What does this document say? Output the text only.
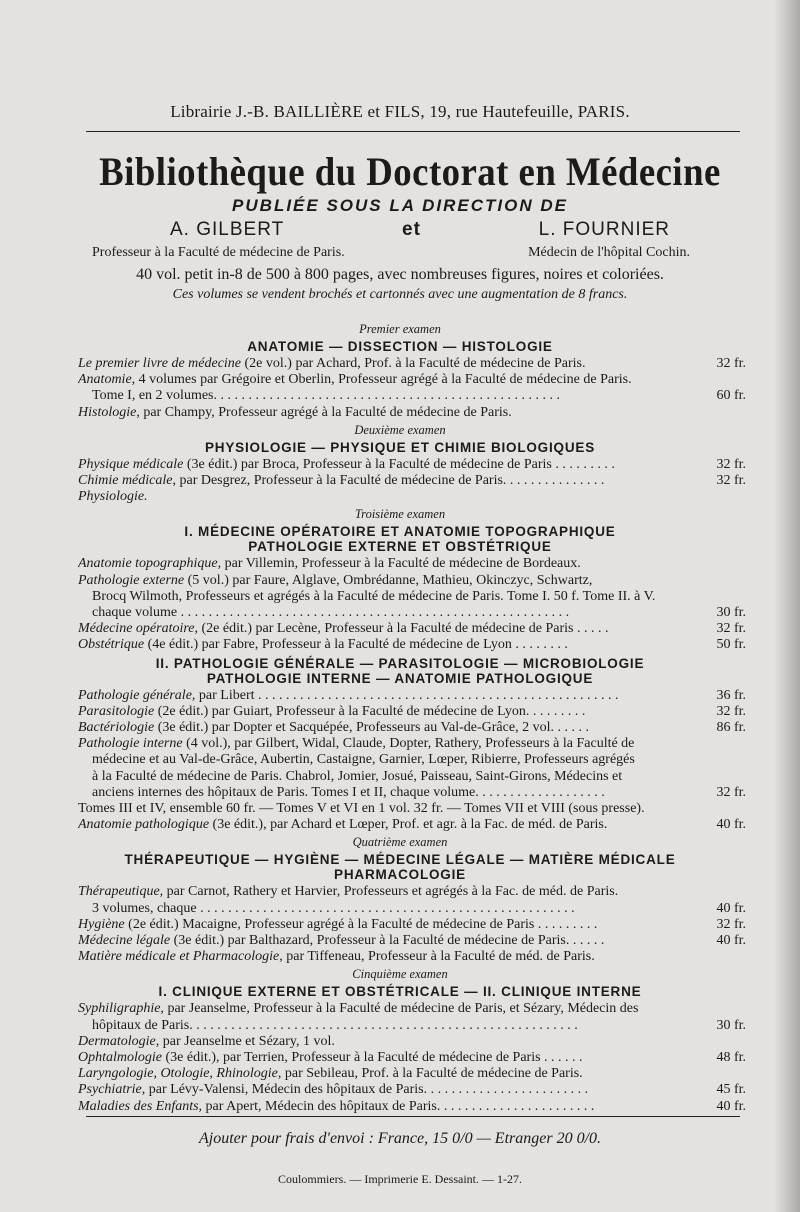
Librairie J.-B. BAILLIÈRE et FILS, 19, rue Hautefeuille, PARIS.
Bibliothèque du Doctorat en Médecine
PUBLIÉE SOUS LA DIRECTION DE
A. GILBERT	et	L. FOURNIER
Professeur à la Faculté de médecine de Paris.	Médecin de l'hôpital Cochin.
40 vol. petit in-8 de 500 à 800 pages, avec nombreuses figures, noires et coloriées.
Ces volumes se vendent brochés et cartonnés avec une augmentation de 8 francs.
Premier examen
ANATOMIE — DISSECTION — HISTOLOGIE
Le premier livre de médecine (2e vol.) par Achard, Prof. à la Faculté de médecine de Paris.	32 fr.
Anatomie, 4 volumes par Grégoire et Oberlin, Professeur agrégé à la Faculté de médecine de Paris.
Tome I, en 2 volumes. . . . . . . . . . . . . . . . . . . . . . . . . . . . . . . . . . . . . . . . . . . . . . . . . .	60 fr.
Histologie, par Champy, Professeur agrégé à la Faculté de médecine de Paris.
Deuxième examen
PHYSIOLOGIE — PHYSIQUE ET CHIMIE BIOLOGIQUES
Physique médicale (3e édit.) par Broca, Professeur à la Faculté de médecine de Paris . . . . . . . . .	32 fr.
Chimie médicale, par Desgrez, Professeur à la Faculté de médecine de Paris. . . . . . . . . . . . . . .	32 fr.
Physiologie.
Troisième examen
I. MÉDECINE OPÉRATOIRE ET ANATOMIE TOPOGRAPHIQUE
PATHOLOGIE EXTERNE ET OBSTÉTRIQUE
Anatomie topographique, par Villemin, Professeur à la Faculté de médecine de Bordeaux.
Pathologie externe (5 vol.) par Faure, Alglave, Ombrédanne, Mathieu, Okinczyc, Schwartz,
Brocq Wilmoth, Professeurs et agrégés à la Faculté de médecine de Paris. Tome I. 50 f. Tome II. à V.
chaque volume . . . . . . . . . . . . . . . . . . . . . . . . . . . . . . . . . . . . . . . . . . . . . . . . . . . . . . . .	30 fr.
Médecine opératoire, (2e édit.) par Lecène, Professeur à la Faculté de médecine de Paris . . . . .	32 fr.
Obstétrique (4e édit.) par Fabre, Professeur à la Faculté de médecine de Lyon . . . . . . . .	50 fr.
II. PATHOLOGIE GÉNÉRALE — PARASITOLOGIE — MICROBIOLOGIE
PATHOLOGIE INTERNE — ANATOMIE PATHOLOGIQUE
Pathologie générale, par Libert . . . . . . . . . . . . . . . . . . . . . . . . . . . . . . . . . . . . . . . . . . . . . . . . . . . .	36 fr.
Parasitologie (2e édit.) par Guiart, Professeur à la Faculté de médecine de Lyon. . . . . . . . .	32 fr.
Bactériologie (3e édit.) par Dopter et Sacquépée, Professeurs au Val-de-Grâce, 2 vol. . . . . .	86 fr.
Pathologie interne (4 vol.), par Gilbert, Widal, Claude, Dopter, Rathery, Professeurs à la Faculté de
médecine et au Val-de-Grâce, Aubertin, Castaigne, Garnier, Lœper, Ribierre, Professeurs agrégés
à la Faculté de médecine de Paris. Chabrol, Jomier, Josué, Paisseau, Saint-Girons, Médecins et
anciens internes des hôpitaux de Paris. Tomes I et II, chaque volume. . . . . . . . . . . . . . . . . . .	32 fr.
Tomes III et IV, ensemble 60 fr. — Tomes V et VI en 1 vol. 32 fr. — Tomes VII et VIII (sous presse).
Anatomie pathologique (3e édit.), par Achard et Lœper, Prof. et agr. à la Fac. de méd. de Paris.	40 fr.
Quatrième examen
THÉRAPEUTIQUE — HYGIÈNE — MÉDECINE LÉGALE — MATIÈRE MÉDICALE
PHARMACOLOGIE
Thérapeutique, par Carnot, Rathery et Harvier, Professeurs et agrégés à la Fac. de méd. de Paris.
3 volumes, chaque . . . . . . . . . . . . . . . . . . . . . . . . . . . . . . . . . . . . . . . . . . . . . . . . . . . . . .	40 fr.
Hygiène (2e édit.) Macaigne, Professeur agrégé à la Faculté de médecine de Paris . . . . . . . . .	32 fr.
Médecine légale (3e édit.) par Balthazard, Professeur à la Faculté de médecine de Paris. . . . . .	40 fr.
Matière médicale et Pharmacologie, par Tiffeneau, Professeur à la Faculté de méd. de Paris.
Cinquième examen
I. CLINIQUE EXTERNE ET OBSTÉTRICALE — II. CLINIQUE INTERNE
Syphiligraphie, par Jeanselme, Professeur à la Faculté de médecine de Paris, et Sézary, Médecin des
hôpitaux de Paris. . . . . . . . . . . . . . . . . . . . . . . . . . . . . . . . . . . . . . . . . . . . . . . . . . . . . . . .	30 fr.
Dermatologie, par Jeanselme et Sézary, 1 vol.
Ophtalmologie (3e édit.), par Terrien, Professeur à la Faculté de médecine de Paris . . . . . .	48 fr.
Laryngologie, Otologie, Rhinologie, par Sebileau, Prof. à la Faculté de médecine de Paris.
Psychiatrie, par Lévy-Valensi, Médecin des hôpitaux de Paris. . . . . . . . . . . . . . . . . . . . . . . .	45 fr.
Maladies des Enfants, par Apert, Médecin des hôpitaux de Paris. . . . . . . . . . . . . . . . . . . . . . .	40 fr.
Ajouter pour frais d'envoi : France, 15 0/0 — Etranger 20 0/0.
Coulommiers. — Imprimerie E. Dessaint. — 1-27.
